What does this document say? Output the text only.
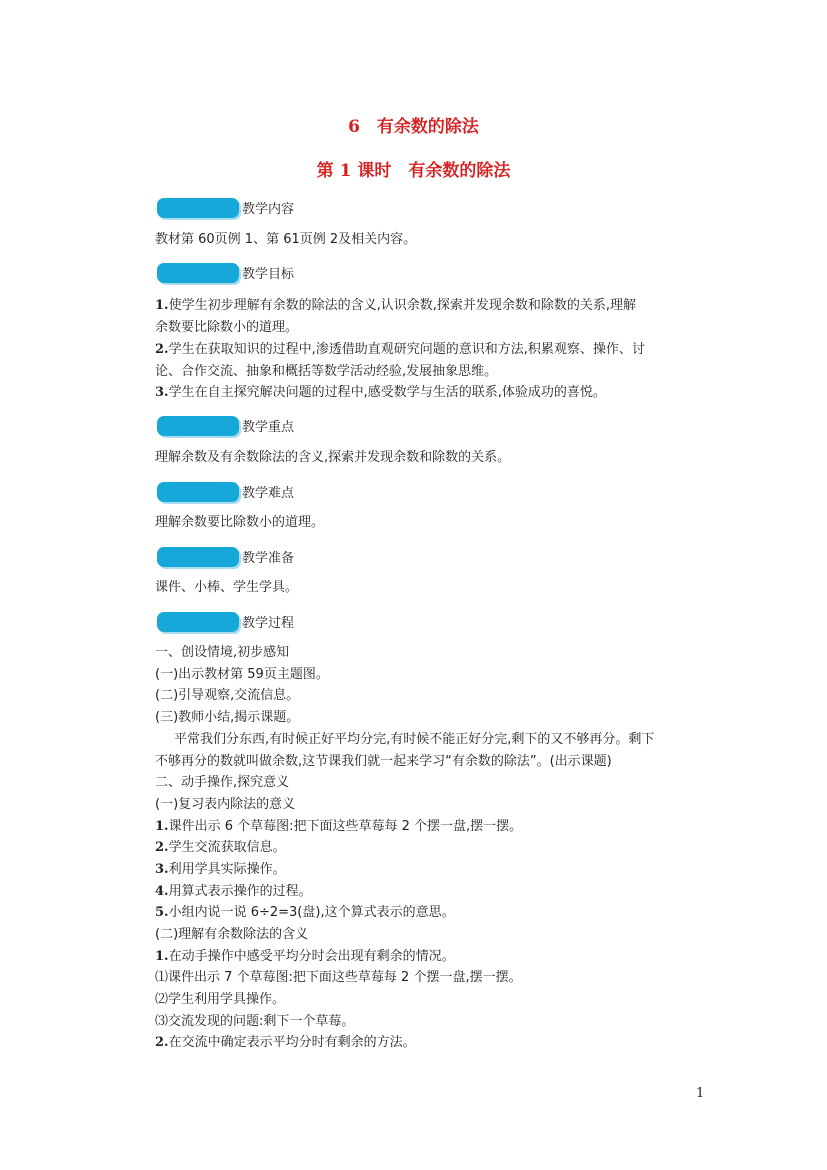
6　有余数的除法
第 1 课时　有余数的除法
教学内容
教材第 60页例 1、第 61页例 2及相关内容。
教学目标
1.使学生初步理解有余数的除法的含义,认识余数,探索并发现余数和除数的关系,理解
余数要比除数小的道理。
2.学生在获取知识的过程中,渗透借助直观研究问题的意识和方法,积累观察、操作、讨
论、合作交流、抽象和概括等数学活动经验,发展抽象思维。
3.学生在自主探究解决问题的过程中,感受数学与生活的联系,体验成功的喜悦。
教学重点
理解余数及有余数除法的含义,探索并发现余数和除数的关系。
教学难点
理解余数要比除数小的道理。
教学准备
课件、小棒、学生学具。
教学过程
一、创设情境,初步感知
(一)出示教材第 59页主题图。
(二)引导观察,交流信息。
(三)教师小结,揭示课题。
平常我们分东西,有时候正好平均分完,有时候不能正好分完,剩下的又不够再分。剩下
不够再分的数就叫做余数,这节课我们就一起来学习“有余数的除法”。(出示课题)
二、动手操作,探究意义
(一)复习表内除法的意义
1.课件出示 6 个草莓图:把下面这些草莓每 2 个摆一盘,摆一摆。
2.学生交流获取信息。
3.利用学具实际操作。
4.用算式表示操作的过程。
5.小组内说一说 6÷2=3(盘),这个算式表示的意思。
(二)理解有余数除法的含义
1.在动手操作中感受平均分时会出现有剩余的情况。
⑴课件出示 7 个草莓图:把下面这些草莓每 2 个摆一盘,摆一摆。
⑵学生利用学具操作。
⑶交流发现的问题:剩下一个草莓。
2.在交流中确定表示平均分时有剩余的方法。
1
